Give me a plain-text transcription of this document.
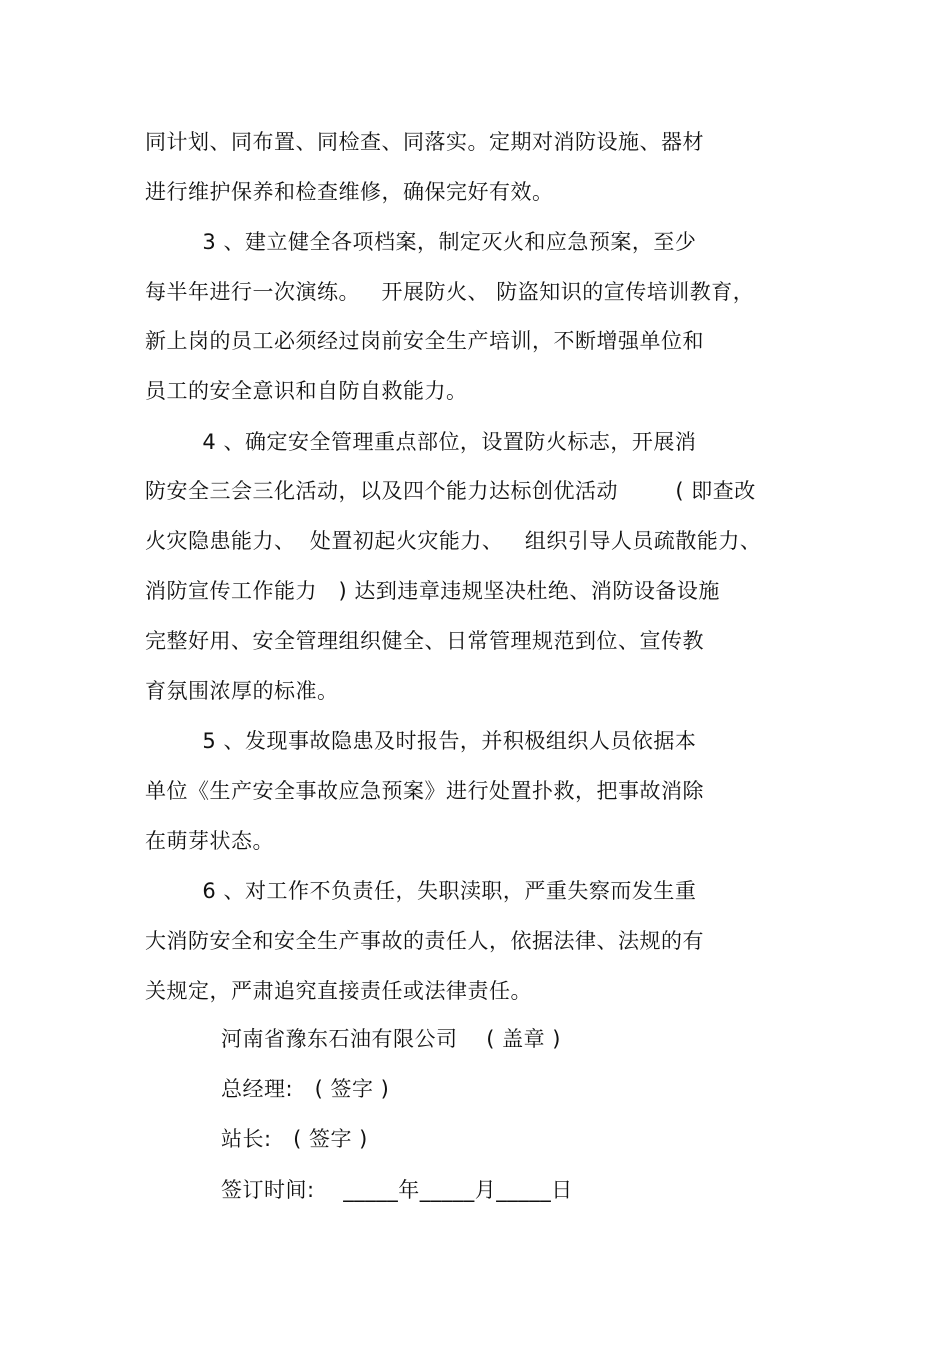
同计划、同布置、同检查、同落实。定期对消防设施、器材
进行维护保养和检查维修，确保完好有效。
3 、建立健全各项档案，制定灭火和应急预案，至少
每半年进行一次演练。   开展防火、 防盗知识的宣传培训教育，
新上岗的员工必须经过岗前安全生产培训，不断增强单位和
员工的安全意识和自防自救能力。
4 、确定安全管理重点部位，设置防火标志，开展消
防安全三会三化活动，以及四个能力达标创优活动        ( 即查改
火灾隐患能力、  处置初起火灾能力、   组织引导人员疏散能力、
消防宣传工作能力   ) 达到违章违规坚决杜绝、消防设备设施
完整好用、安全管理组织健全、日常管理规范到位、宣传教
育氛围浓厚的标准。
5 、发现事故隐患及时报告，并积极组织人员依据本
单位《生产安全事故应急预案》进行处置扑救，把事故消除
在萌芽状态。
6 、对工作不负责任，失职渎职，严重失察而发生重
大消防安全和安全生产事故的责任人，依据法律、法规的有
关规定，严肃追究直接责任或法律责任。
河南省豫东石油有限公司    ( 盖章 )
总经理:   ( 签字 )
站长:   ( 签字 )
签订时间:    _____年_____月_____日
